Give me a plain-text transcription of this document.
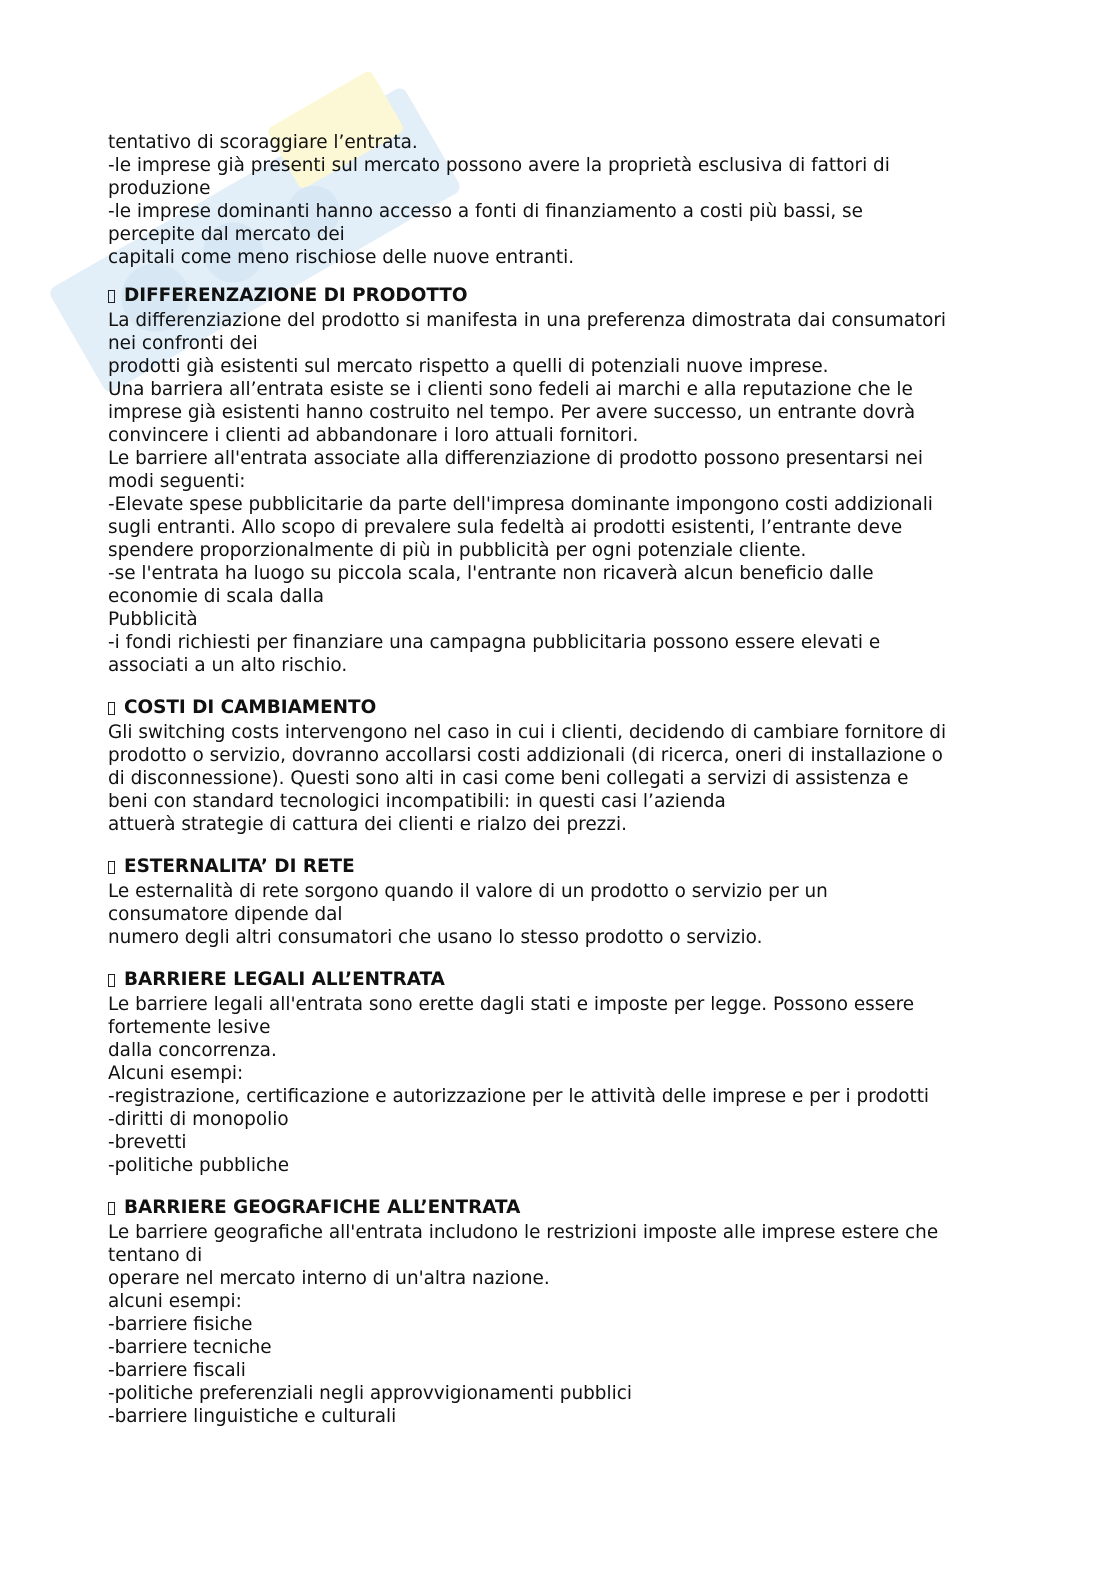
tentativo di scoraggiare l’entrata.
-le imprese già presenti sul mercato possono avere la proprietà esclusiva di fattori di
produzione
-le imprese dominanti hanno accesso a fonti di finanziamento a costi più bassi, se
percepite dal mercato dei
capitali come meno rischiose delle nuove entranti.
DIFFERENZAZIONE DI PRODOTTO
La differenziazione del prodotto si manifesta in una preferenza dimostrata dai consumatori
nei confronti dei
prodotti già esistenti sul mercato rispetto a quelli di potenziali nuove imprese.
Una barriera all’entrata esiste se i clienti sono fedeli ai marchi e alla reputazione che le
imprese già esistenti hanno costruito nel tempo. Per avere successo, un entrante dovrà
convincere i clienti ad abbandonare i loro attuali fornitori.
Le barriere all'entrata associate alla differenziazione di prodotto possono presentarsi nei
modi seguenti:
-Elevate spese pubblicitarie da parte dell'impresa dominante impongono costi addizionali
sugli entranti. Allo scopo di prevalere sula fedeltà ai prodotti esistenti, l’entrante deve
spendere proporzionalmente di più in pubblicità per ogni potenziale cliente.
-se l'entrata ha luogo su piccola scala, l'entrante non ricaverà alcun beneficio dalle
economie di scala dalla
Pubblicità
-i fondi richiesti per finanziare una campagna pubblicitaria possono essere elevati e
associati a un alto rischio.
COSTI DI CAMBIAMENTO
Gli switching costs intervengono nel caso in cui i clienti, decidendo di cambiare fornitore di
prodotto o servizio, dovranno accollarsi costi addizionali (di ricerca, oneri di installazione o
di disconnessione). Questi sono alti in casi come beni collegati a servizi di assistenza e
beni con standard tecnologici incompatibili: in questi casi l’azienda
attuerà strategie di cattura dei clienti e rialzo dei prezzi.
ESTERNALITA’ DI RETE
Le esternalità di rete sorgono quando il valore di un prodotto o servizio per un
consumatore dipende dal
numero degli altri consumatori che usano lo stesso prodotto o servizio.
BARRIERE LEGALI ALL’ENTRATA
Le barriere legali all'entrata sono erette dagli stati e imposte per legge. Possono essere
fortemente lesive
dalla concorrenza.
Alcuni esempi:
-registrazione, certificazione e autorizzazione per le attività delle imprese e per i prodotti
-diritti di monopolio
-brevetti
-politiche pubbliche
BARRIERE GEOGRAFICHE ALL’ENTRATA
Le barriere geografiche all'entrata includono le restrizioni imposte alle imprese estere che
tentano di
operare nel mercato interno di un'altra nazione.
alcuni esempi:
-barriere fisiche
-barriere tecniche
-barriere fiscali
-politiche preferenziali negli approvvigionamenti pubblici
-barriere linguistiche e culturali
